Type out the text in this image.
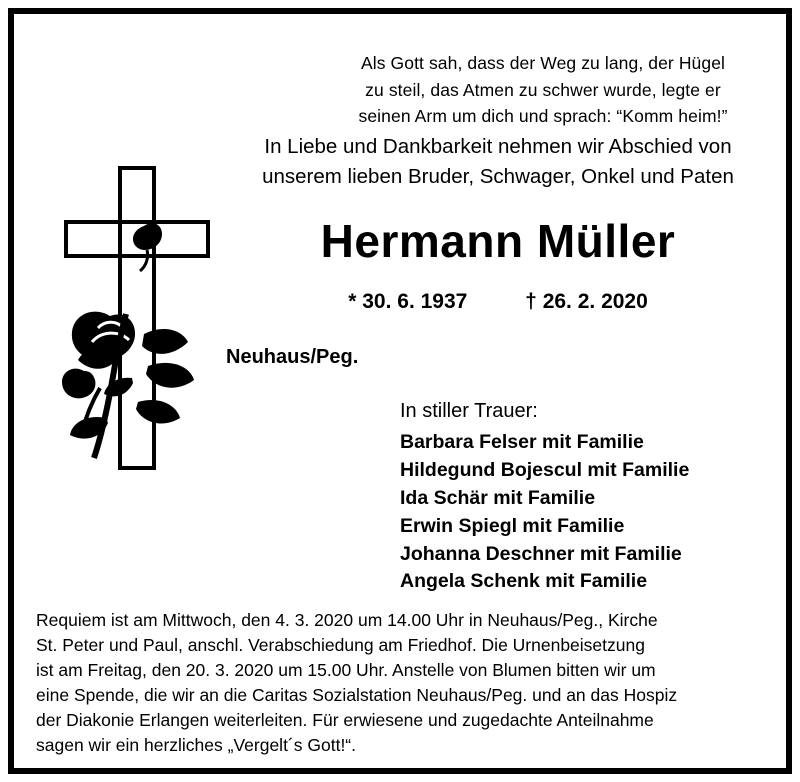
Als Gott sah, dass der Weg zu lang, der Hügel
zu steil, das Atmen zu schwer wurde, legte er
seinen Arm um dich und sprach: “Komm heim!”
In Liebe und Dankbarkeit nehmen wir Abschied von
unserem lieben Bruder, Schwager, Onkel und Paten
Hermann Müller
* 30. 6. 1937	† 26. 2. 2020
Neuhaus/Peg.
In stiller Trauer:
Barbara Felser mit Familie
Hildegund Bojescul mit Familie
Ida Schär mit Familie
Erwin Spiegl mit Familie
Johanna Deschner mit Familie
Angela Schenk mit Familie

Requiem ist am Mittwoch, den 4. 3. 2020 um 14.00 Uhr in Neuhaus/Peg., Kirche

St. Peter und Paul, anschl. Verabschiedung am Friedhof. Die Urnenbeisetzung

ist am Freitag, den 20. 3. 2020 um 15.00 Uhr. Anstelle von Blumen bitten wir um

eine Spende, die wir an die Caritas Sozialstation Neuhaus/Peg. und an das Hospiz

der Diakonie Erlangen weiterleiten. Für erwiesene und zugedachte Anteilnahme

sagen wir ein herzliches „Vergelt´s Gott!“.
